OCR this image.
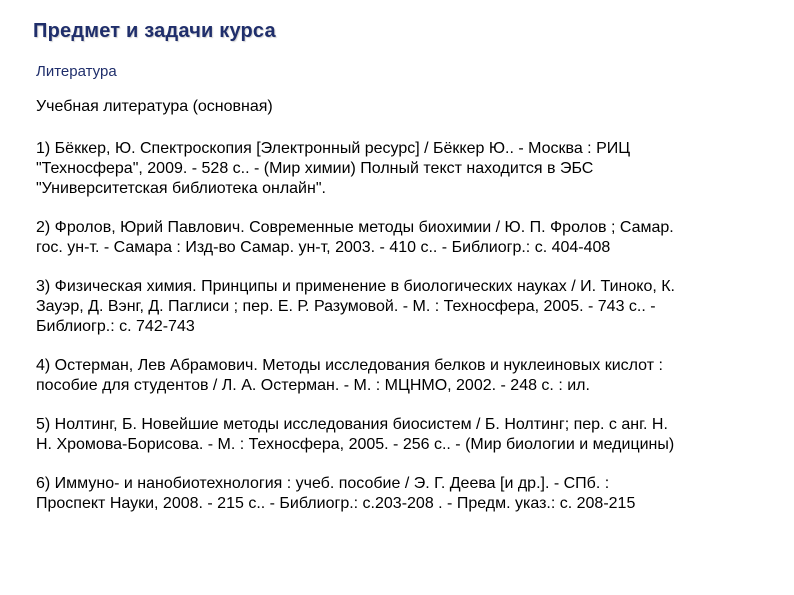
Предмет и задачи курса
Литература
Учебная литература (основная)
1) Бёккер, Ю. Спектроскопия [Электронный ресурс] / Бёккер Ю.. - Москва : РИЦ
"Техносфера", 2009. - 528 с.. - (Мир химии) Полный текст находится в ЭБС
"Университетская библиотека онлайн".
2) Фролов, Юрий Павлович. Современные методы биохимии / Ю. П. Фролов ; Самар.
гос. ун-т. - Самара : Изд-во Самар. ун-т, 2003. - 410 с.. - Библиогр.: с. 404-408
3) Физическая химия. Принципы и применение в биологических науках / И. Тиноко, К.
Зауэр, Д. Вэнг, Д. Паглиси ; пер. Е. Р. Разумовой. - М. : Техносфера, 2005. - 743 с.. -
Библиогр.: с. 742-743
4) Остерман, Лев Абрамович. Методы исследования белков и нуклеиновых кислот :
пособие для студентов / Л. А. Остерман. - М. : МЦНМО, 2002. - 248 с. : ил.
5) Нолтинг, Б. Новейшие методы исследования биосистем / Б. Нолтинг; пер. с анг. Н.
Н. Хромова-Борисова. - М. : Техносфера, 2005. - 256 с.. - (Мир биологии и медицины)
6) Иммуно- и нанобиотехнология : учеб. пособие / Э. Г. Деева [и др.]. - СПб. :
Проспект Науки, 2008. - 215 с.. - Библиогр.: с.203-208 . - Предм. указ.: с. 208-215
